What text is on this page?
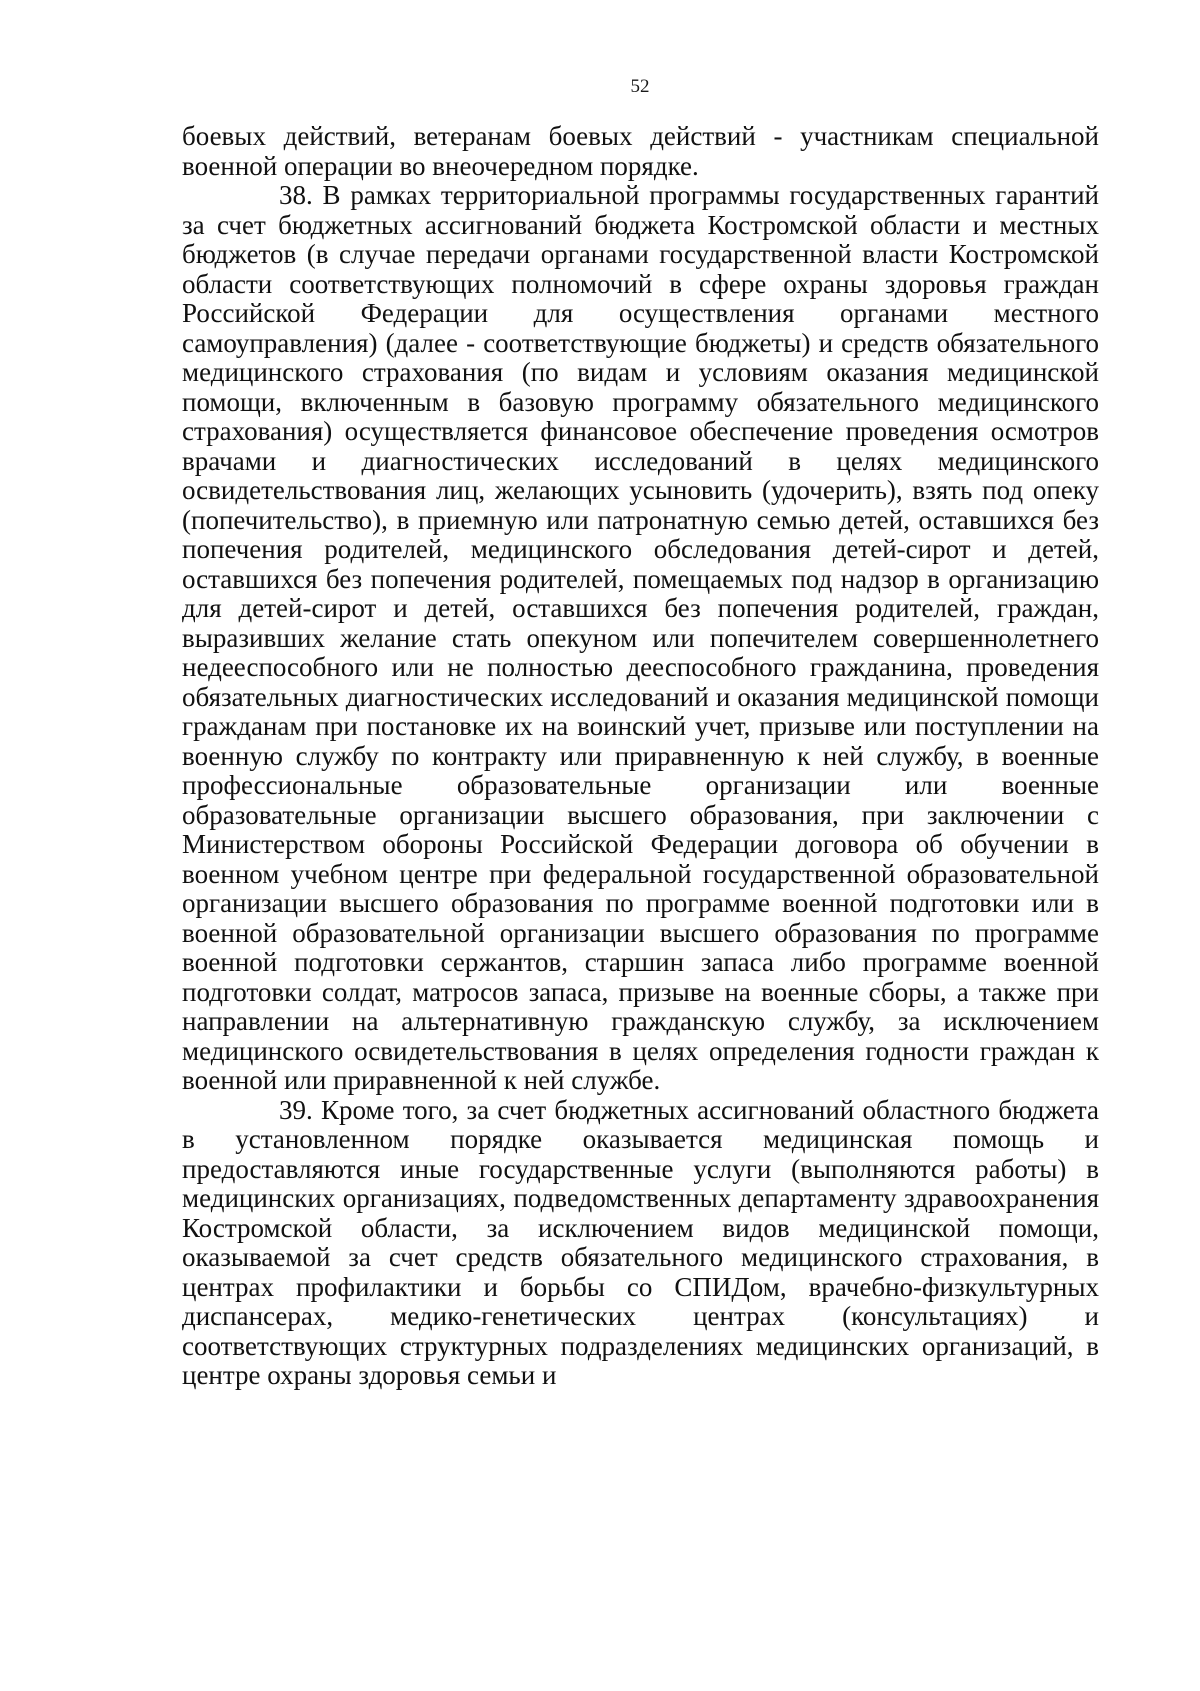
52

боевых действий, ветеранам боевых действий - участникам специальной военной операции во внеочередном порядке.

38. В рамках территориальной программы государственных гарантий за счет бюджетных ассигнований бюджета Костромской области и местных бюджетов (в случае передачи органами государственной власти Костромской области соответствующих полномочий в сфере охраны здоровья граждан Российской Федерации для осуществления органами местного самоуправления) (далее - соответствующие бюджеты) и средств обязательного медицинского страхования (по видам и условиям оказания медицинской помощи, включенным в базовую программу обязательного медицинского страхования) осуществляется финансовое обеспечение проведения осмотров врачами и диагностических исследований в целях медицинского освидетельствования лиц, желающих усыновить (удочерить), взять под опеку (попечительство), в приемную или патронатную семью детей, оставшихся без попечения родителей, медицинского обследования детей-сирот и детей, оставшихся без попечения родителей, помещаемых под надзор в организацию для детей-сирот и детей, оставшихся без попечения родителей, граждан, выразивших желание стать опекуном или попечителем совершеннолетнего недееспособного или не полностью дееспособного гражданина, проведения обязательных диагностических исследований и оказания медицинской помощи гражданам при постановке их на воинский учет, призыве или поступлении на военную службу по контракту или приравненную к ней службу, в военные профессиональные образовательные организации или военные образовательные организации высшего образования, при заключении с Министерством обороны Российской Федерации договора об обучении в военном учебном центре при федеральной государственной образовательной организации высшего образования по программе военной подготовки или в военной образовательной организации высшего образования по программе военной подготовки сержантов, старшин запаса либо программе военной подготовки солдат, матросов запаса, призыве на военные сборы, а также при направлении на альтернативную гражданскую службу, за исключением медицинского освидетельствования в целях определения годности граждан к военной или приравненной к ней службе.

39. Кроме того, за счет бюджетных ассигнований областного бюджета в установленном порядке оказывается медицинская помощь и предоставляются иные государственные услуги (выполняются работы) в медицинских организациях, подведомственных департаменту здравоохранения Костромской области, за исключением видов медицинской помощи, оказываемой за счет средств обязательного медицинского страхования, в центрах профилактики и борьбы со СПИДом, врачебно-физкультурных диспансерах, медико-генетических центрах (консультациях) и соответствующих структурных подразделениях медицинских организаций, в центре охраны здоровья семьи и
